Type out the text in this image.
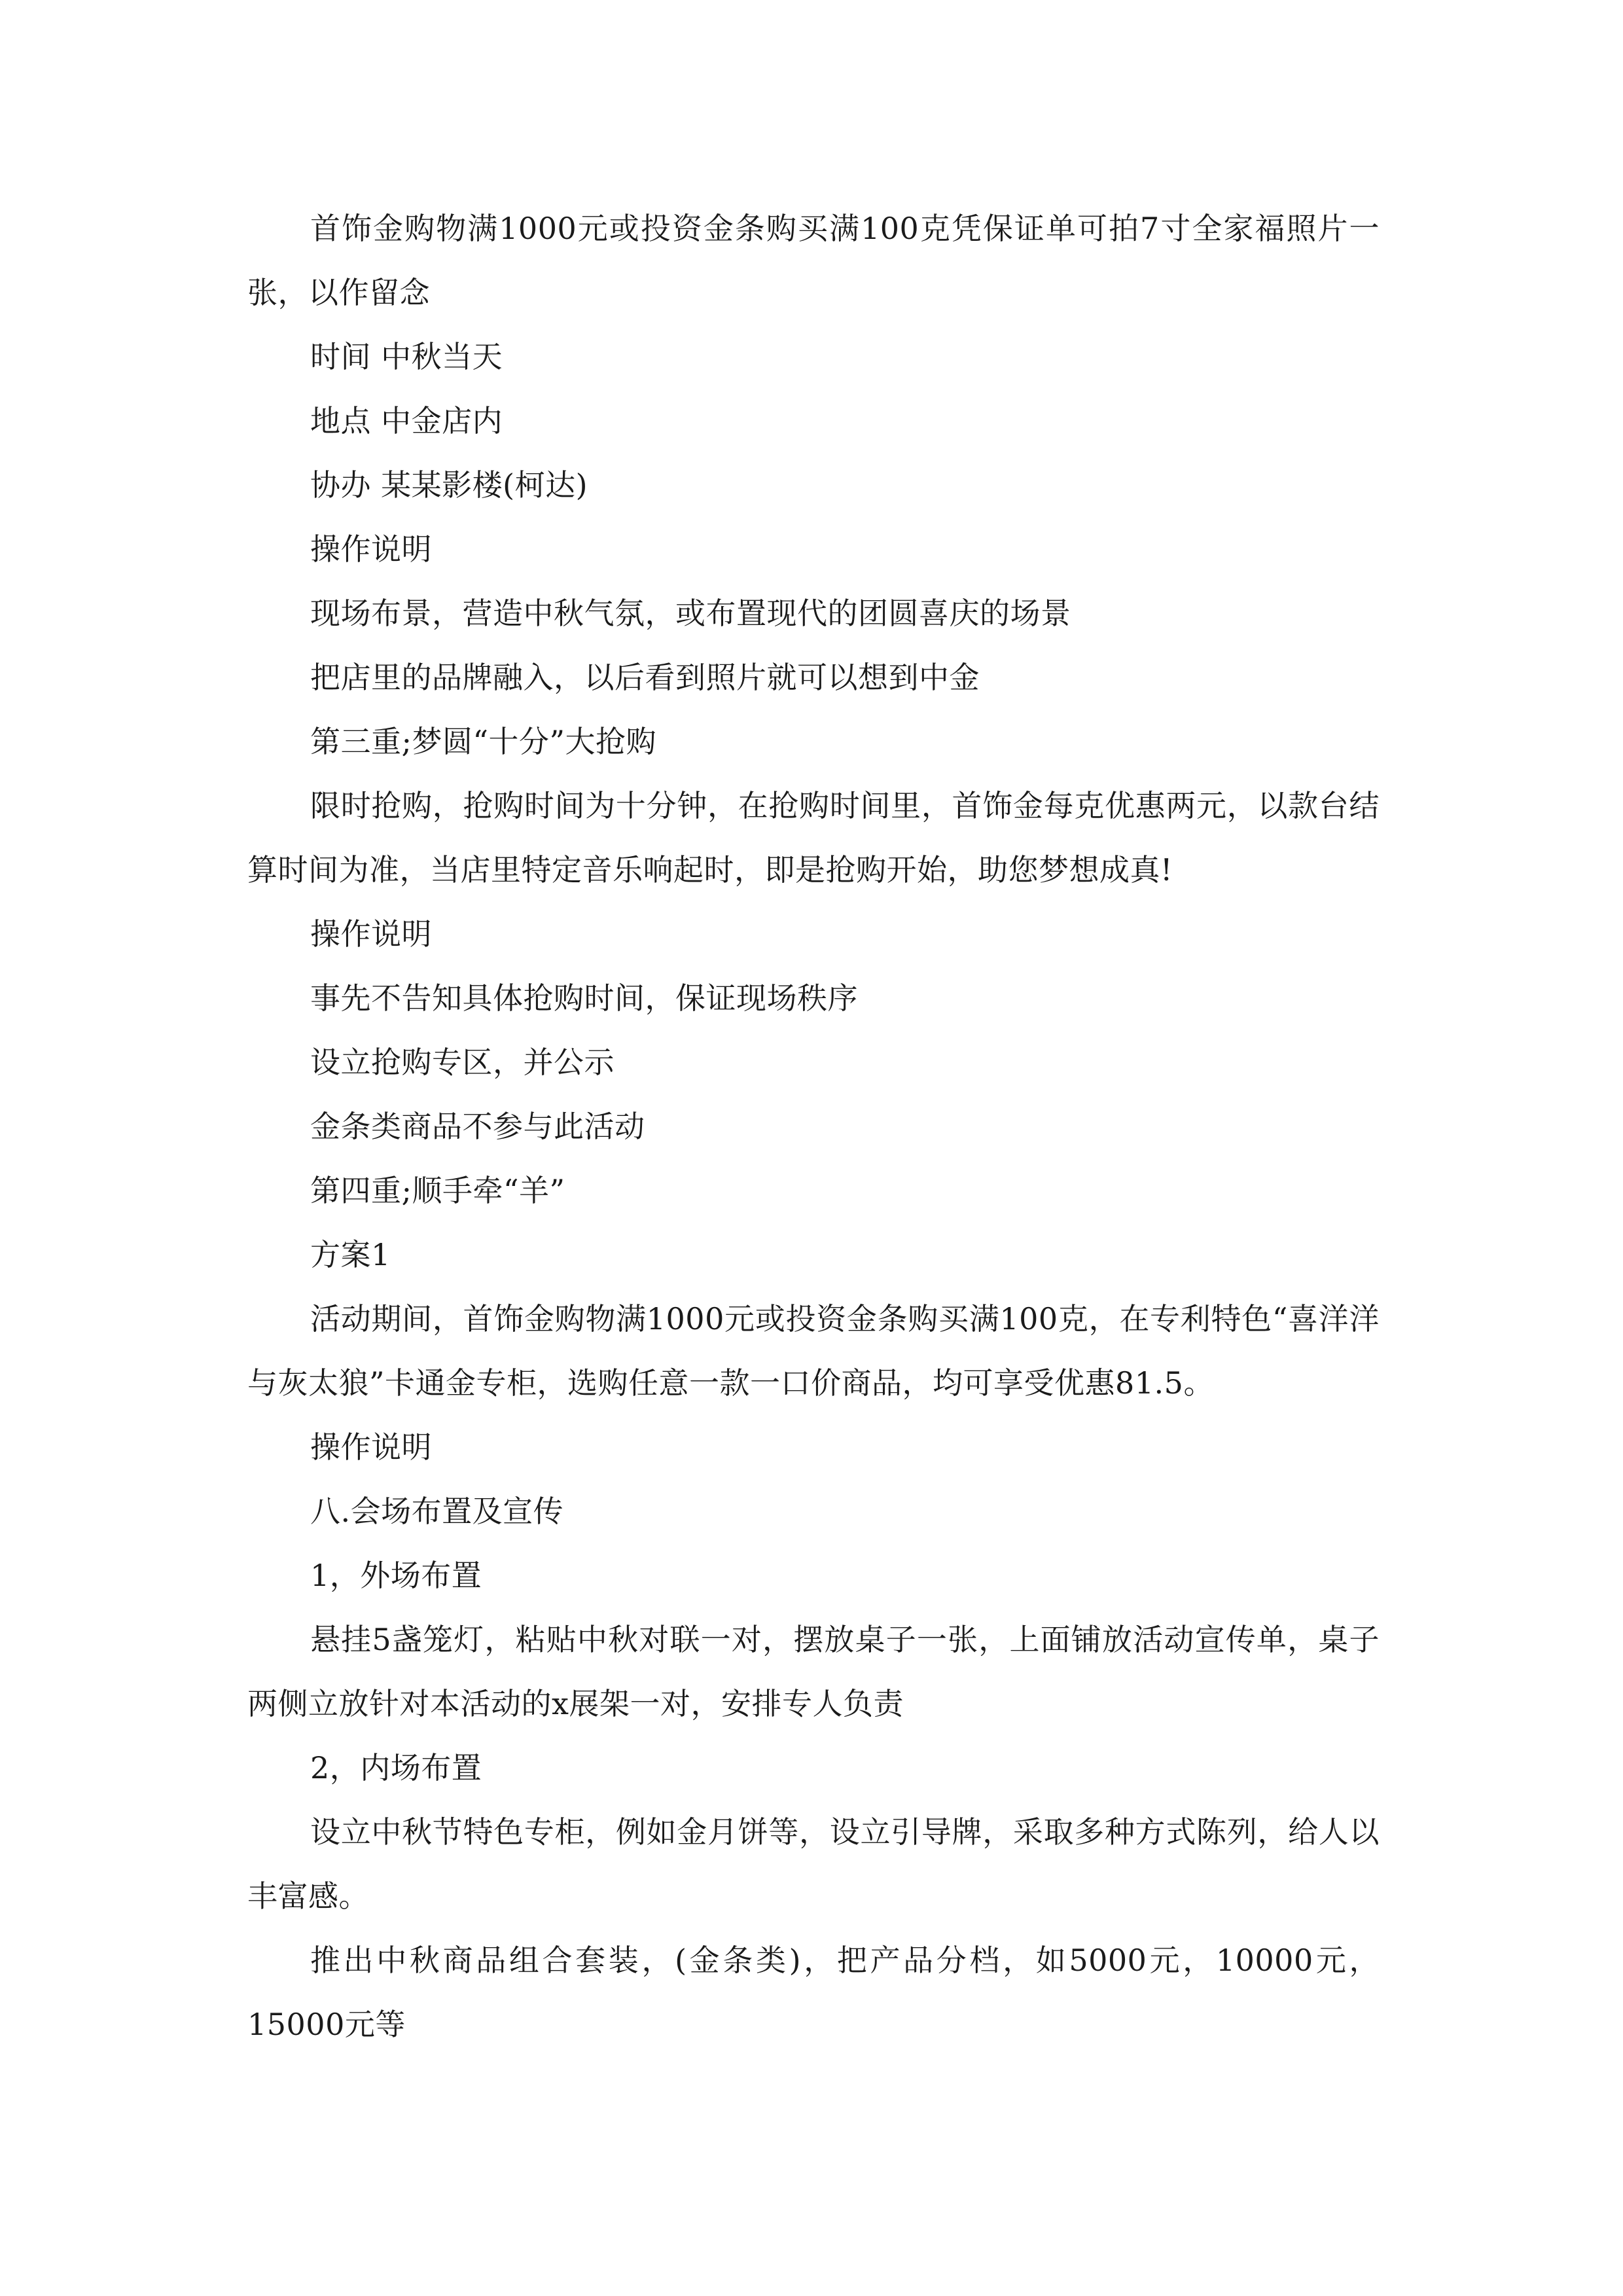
首饰金购物满1000元或投资金条购买满100克凭保证单可拍7寸全家福照片一张，以作留念

时间 中秋当天

地点 中金店内

协办 某某影楼(柯达)

操作说明

现场布景，营造中秋气氛，或布置现代的团圆喜庆的场景

把店里的品牌融入，以后看到照片就可以想到中金

第三重;梦圆“十分”大抢购

限时抢购，抢购时间为十分钟，在抢购时间里，首饰金每克优惠两元，以款台结算时间为准，当店里特定音乐响起时，即是抢购开始，助您梦想成真!

操作说明

事先不告知具体抢购时间，保证现场秩序

设立抢购专区，并公示

金条类商品不参与此活动

第四重;顺手牵“羊”

方案1

活动期间，首饰金购物满1000元或投资金条购买满100克，在专利特色“喜洋洋与灰太狼”卡通金专柜，选购任意一款一口价商品，均可享受优惠81.5。

操作说明

八.会场布置及宣传

1，外场布置

悬挂5盏笼灯，粘贴中秋对联一对，摆放桌子一张，上面铺放活动宣传单，桌子两侧立放针对本活动的x展架一对，安排专人负责

2，内场布置

设立中秋节特色专柜，例如金月饼等，设立引导牌，采取多种方式陈列，给人以丰富感。

推出中秋商品组合套装，(金条类)，把产品分档，如5000元，10000元，15000元等
